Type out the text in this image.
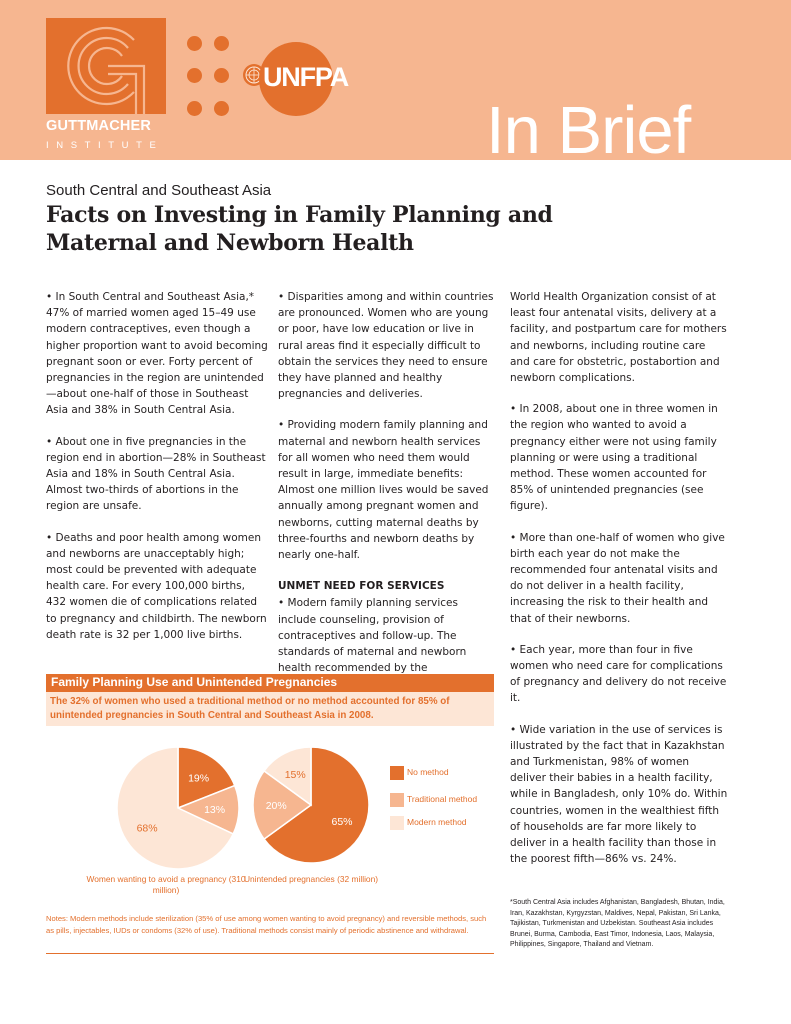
GUTTMACHER
INSTITUTE
UNFPA
In Brief
South Central and Southeast Asia
Facts on Investing in Family Planning and Maternal and Newborn Health

• In South Central and Southeast Asia,* 47% of married women aged 15–49 use modern contraceptives, even though a higher proportion want to avoid becoming pregnant soon or ever. Forty percent of pregnancies in the region are unintended—about one-half of those in Southeast Asia and 38% in South Central Asia.

• About one in five pregnancies in the region end in abortion—28% in Southeast Asia and 18% in South Central Asia. Almost two-thirds of abortions in the region are unsafe.

• Deaths and poor health among women and newborns are unacceptably high; most could be prevented with adequate health care. For every 100,000 births, 432 women die of complications related to pregnancy and childbirth. The newborn death rate is 32 per 1,000 live births.

• Disparities among and within countries are pronounced. Women who are young or poor, have low education or live in rural areas find it especially difficult to obtain the services they need to ensure they have planned and healthy pregnancies and deliveries.

• Providing modern family planning and maternal and newborn health services for all women who need them would result in large, immediate benefits: Almost one million lives would be saved annually among pregnant women and newborns, cutting maternal deaths by three-fourths and newborn deaths by nearly one-half.

UNMET NEED FOR SERVICES

• Modern family planning services include counseling, provision of contraceptives and follow-up. The standards of maternal and newborn health recommended by the

World Health Organization consist of at least four antenatal visits, delivery at a facility, and postpartum care for mothers and newborns, including routine care and care for obstetric, postabortion and newborn complications.

• In 2008, about one in three women in the region who wanted to avoid a pregnancy either were not using family planning or were using a traditional method. These women accounted for 85% of unintended pregnancies (see figure).

• More than one-half of women who give birth each year do not make the recommended four antenatal visits and do not deliver in a health facility, increasing the risk to their health and that of their newborns.

• Each year, more than four in five women who need care for complications of pregnancy and delivery do not receive it.

• Wide variation in the use of services is illustrated by the fact that in Kazakhstan and Turkmenistan, 98% of women deliver their babies in a health facility, while in Bangladesh, only 10% do. Within countries, women in the wealthiest fifth of households are far more likely to deliver in a health facility than those in the poorest fifth—86% vs. 24%.

*South Central Asia includes Afghanistan, Bangladesh, Bhutan, India, Iran, Kazakhstan, Kyrgyzstan, Maldives, Nepal, Pakistan, Sri Lanka, Tajikistan, Turkmenistan and Uzbekistan. Southeast Asia includes Brunei, Burma, Cambodia, East Timor, Indonesia, Laos, Malaysia, Philippines, Singapore, Thailand and Vietnam.
Family Planning Use and Unintended Pregnancies
The 32% of women who used a traditional method or no method accounted for 85% of unintended pregnancies in South Central and Southeast Asia in 2008.
19%
13%
68%
65%
20%
15%	No method
Traditional method
Modern method
Women wanting to avoid a pregnancy (310 million)
Unintended pregnancies (32 million)
Notes: Modern methods include sterilization (35% of use among women wanting to avoid pregnancy) and reversible methods, such as pills, injectables, IUDs or condoms (32% of use). Traditional methods consist mainly of periodic abstinence and withdrawal.
